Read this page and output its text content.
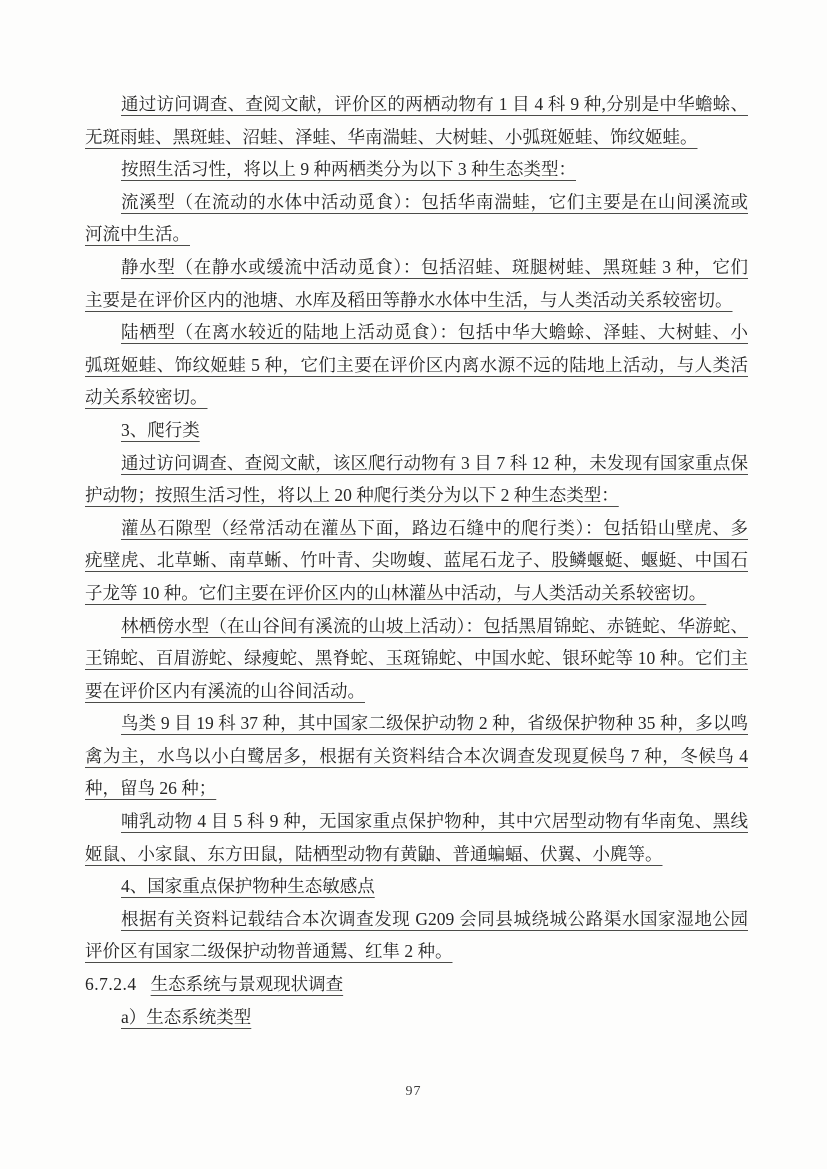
通过访问调查、查阅文献，评价区的两栖动物有 1 目 4 科 9 种,分别是中华蟾蜍、
无斑雨蛙、黑斑蛙、沼蛙、泽蛙、华南湍蛙、大树蛙、小弧斑姬蛙、饰纹姬蛙。
按照生活习性，将以上 9 种两栖类分为以下 3 种生态类型：
流溪型（在流动的水体中活动觅食）：包括华南湍蛙，它们主要是在山间溪流或
河流中生活。
静水型（在静水或缓流中活动觅食）：包括沼蛙、斑腿树蛙、黑斑蛙 3 种，它们
主要是在评价区内的池塘、水库及稻田等静水水体中生活，与人类活动关系较密切。
陆栖型（在离水较近的陆地上活动觅食）：包括中华大蟾蜍、泽蛙、大树蛙、小
弧斑姬蛙、饰纹姬蛙 5 种，它们主要在评价区内离水源不远的陆地上活动，与人类活
动关系较密切。
3、爬行类
通过访问调查、查阅文献，该区爬行动物有 3 目 7 科 12 种，未发现有国家重点保
护动物；按照生活习性，将以上 20 种爬行类分为以下 2 种生态类型：
灌丛石隙型（经常活动在灌丛下面，路边石缝中的爬行类）：包括铅山壁虎、多
疣壁虎、北草蜥、南草蜥、竹叶青、尖吻蝮、蓝尾石龙子、股鳞蝘蜓、蝘蜓、中国石
子龙等 10 种。它们主要在评价区内的山林灌丛中活动，与人类活动关系较密切。
林栖傍水型（在山谷间有溪流的山坡上活动）：包括黑眉锦蛇、赤链蛇、华游蛇、
王锦蛇、百眉游蛇、绿瘦蛇、黑脊蛇、玉斑锦蛇、中国水蛇、银环蛇等 10 种。它们主
要在评价区内有溪流的山谷间活动。
鸟类 9 目 19 科 37 种，其中国家二级保护动物 2 种，省级保护物种 35 种，多以鸣
禽为主，水鸟以小白鹭居多，根据有关资料结合本次调查发现夏候鸟 7 种，冬候鸟 4
种，留鸟 26 种；
哺乳动物 4 目 5 科 9 种，无国家重点保护物种，其中穴居型动物有华南兔、黑线
姬鼠、小家鼠、东方田鼠，陆栖型动物有黄鼬、普通蝙蝠、伏翼、小麂等。
4、国家重点保护物种生态敏感点
根据有关资料记载结合本次调查发现 G209 会同县城绕城公路渠水国家湿地公园
评价区有国家二级保护动物普通鵟、红隼 2 种。
6.7.2.4 生态系统与景观现状调查
a）生态系统类型
97
